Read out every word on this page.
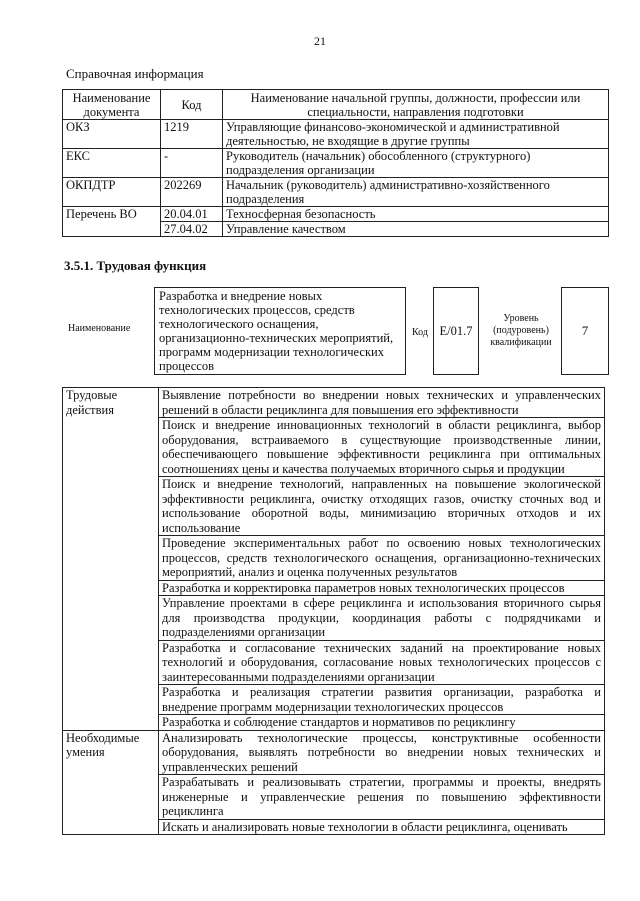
21
Справочная информация
Наименование документа	Код	Наименование начальной группы, должности, профессии или специальности, направления подготовки
ОКЗ	1219	Управляющие финансово-экономической и административной деятельностью, не входящие в другие группы
ЕКС	-	Руководитель (начальник) обособленного (структурного) подразделения организации
ОКПДТР	202269	Начальник (руководитель) административно-хозяйственного подразделения
Перечень ВО	20.04.01	Техносферная безопасность
	27.04.02	Управление качеством
3.5.1. Трудовая функция
Наименование
Разработка и внедрение новых технологических процессов, средств технологического оснащения, организационно-технических мероприятий, программ модернизации технологических процессов
Код E/01.7
Уровень (подуровень) квалификации
7
Трудовые действия	Выявление потребности во внедрении новых технических и управленческих решений в области рециклинга для повышения его эффективности
	Поиск и внедрение инновационных технологий в области рециклинга, выбор оборудования, встраиваемого в существующие производственные линии, обеспечивающего повышение эффективности рециклинга при оптимальных соотношениях цены и качества получаемых вторичного сырья и продукции
	Поиск и внедрение технологий, направленных на повышение экологической эффективности рециклинга, очистку отходящих газов, очистку сточных вод и использование оборотной воды, минимизацию вторичных отходов и их использование
	Проведение экспериментальных работ по освоению новых технологических процессов, средств технологического оснащения, организационно-технических мероприятий, анализ и оценка полученных результатов
	Разработка и корректировка параметров новых технологических процессов
	Управление проектами в сфере рециклинга и использования вторичного сырья для производства продукции, координация работы с подрядчиками и подразделениями организации
	Разработка и согласование технических заданий на проектирование новых технологий и оборудования, согласование новых технологических процессов с заинтересованными подразделениями организации
	Разработка и реализация стратегии развития организации, разработка и внедрение программ модернизации технологических процессов
	Разработка и соблюдение стандартов и нормативов по рециклингу
Необходимые умения	Анализировать технологические процессы, конструктивные особенности оборудования, выявлять потребности во внедрении новых технических и управленческих решений
	Разрабатывать и реализовывать стратегии, программы и проекты, внедрять инженерные и управленческие решения по повышению эффективности рециклинга
	Искать и анализировать новые технологии в области рециклинга, оценивать
